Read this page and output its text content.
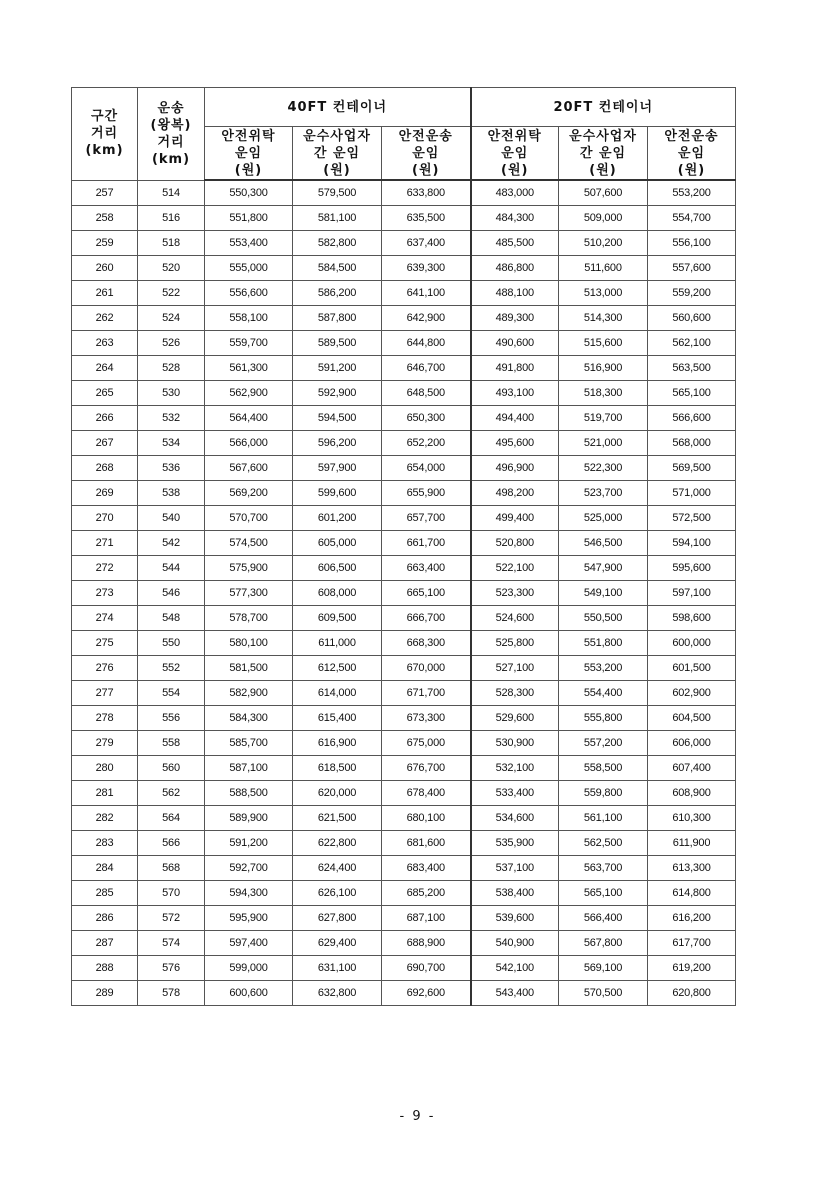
구간
거리
(km)	운송
(왕복)
거리
(km)	40FT 컨테이너			20FT 컨테이너		

		안전위탁
운임
(원)	운수사업자
간 운임
(원)	안전운송
운임
(원)	안전위탁
운임
(원)	운수사업자
간 운임
(원)	안전운송
운임
(원)

257	514	550,300	579,500	633,800	483,000	507,600	553,200
258	516	551,800	581,100	635,500	484,300	509,000	554,700
259	518	553,400	582,800	637,400	485,500	510,200	556,100
260	520	555,000	584,500	639,300	486,800	511,600	557,600
261	522	556,600	586,200	641,100	488,100	513,000	559,200
262	524	558,100	587,800	642,900	489,300	514,300	560,600
263	526	559,700	589,500	644,800	490,600	515,600	562,100
264	528	561,300	591,200	646,700	491,800	516,900	563,500
265	530	562,900	592,900	648,500	493,100	518,300	565,100
266	532	564,400	594,500	650,300	494,400	519,700	566,600
267	534	566,000	596,200	652,200	495,600	521,000	568,000
268	536	567,600	597,900	654,000	496,900	522,300	569,500
269	538	569,200	599,600	655,900	498,200	523,700	571,000
270	540	570,700	601,200	657,700	499,400	525,000	572,500
271	542	574,500	605,000	661,700	520,800	546,500	594,100
272	544	575,900	606,500	663,400	522,100	547,900	595,600
273	546	577,300	608,000	665,100	523,300	549,100	597,100
274	548	578,700	609,500	666,700	524,600	550,500	598,600
275	550	580,100	611,000	668,300	525,800	551,800	600,000
276	552	581,500	612,500	670,000	527,100	553,200	601,500
277	554	582,900	614,000	671,700	528,300	554,400	602,900
278	556	584,300	615,400	673,300	529,600	555,800	604,500
279	558	585,700	616,900	675,000	530,900	557,200	606,000
280	560	587,100	618,500	676,700	532,100	558,500	607,400
281	562	588,500	620,000	678,400	533,400	559,800	608,900
282	564	589,900	621,500	680,100	534,600	561,100	610,300
283	566	591,200	622,800	681,600	535,900	562,500	611,900
284	568	592,700	624,400	683,400	537,100	563,700	613,300
285	570	594,300	626,100	685,200	538,400	565,100	614,800
286	572	595,900	627,800	687,100	539,600	566,400	616,200
287	574	597,400	629,400	688,900	540,900	567,800	617,700
288	576	599,000	631,100	690,700	542,100	569,100	619,200
289	578	600,600	632,800	692,600	543,400	570,500	620,800
- 9 -
